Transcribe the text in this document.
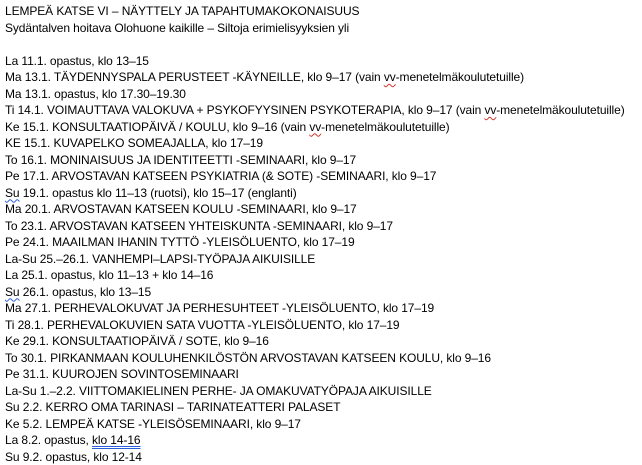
LEMPEÄ KATSE VI – NÄYTTELY JA TAPAHTUMAKOKONAISUUS
Sydäntalven hoitava Olohuone kaikille – Siltoja erimielisyyksien yli
La 11.1. opastus, klo 13–15
Ma 13.1. TÄYDENNYSPALA PERUSTEET -KÄYNEILLE, klo 9–17 (vain vv-menetelmäkoulutetuille)
Ma 13.1. opastus, klo 17.30–19.30
Ti 14.1. VOIMAUTTAVA VALOKUVA + PSYKOFYYSINEN PSYKOTERAPIA, klo 9–17 (vain vv-menetelmäkoulutetuille)
Ke 15.1. KONSULTAATIOPÄIVÄ / KOULU, klo 9–16 (vain vv-menetelmäkoulutetuille)
KE 15.1. KUVAPELKO SOMEAJALLA, klo 17–19
To 16.1. MONINAISUUS JA IDENTITEETTI -SEMINAARI, klo 9–17
Pe 17.1. ARVOSTAVAN KATSEEN PSYKIATRIA (& SOTE) -SEMINAARI, klo 9–17
Su 19.1. opastus klo 11–13 (ruotsi), klo 15–17 (englanti)
Ma 20.1. ARVOSTAVAN KATSEEN KOULU -SEMINAARI, klo 9–17
To 23.1. ARVOSTAVAN KATSEEN YHTEISKUNTA -SEMINAARI, klo 9–17
Pe 24.1. MAAILMAN IHANIN TYTTÖ -YLEISÖLUENTO, klo 17–19
La-Su 25.–26.1. VANHEMPI–LAPSI-TYÖPAJA AIKUISILLE
La 25.1. opastus, klo 11–13 + klo 14–16
Su 26.1. opastus, klo 13–15
Ma 27.1. PERHEVALOKUVAT JA PERHESUHTEET -YLEISÖLUENTO, klo 17–19
Ti 28.1. PERHEVALOKUVIEN SATA VUOTTA -YLEISÖLUENTO, klo 17–19
Ke 29.1. KONSULTAATIOPÄIVÄ / SOTE, klo 9–16
To 30.1. PIRKANMAAN KOULUHENKILÖSTÖN ARVOSTAVAN KATSEEN KOULU, klo 9–16
Pe 31.1. KUUROJEN SOVINTOSEMINAARI
La-Su 1.–2.2. VIITTOMAKIELINEN PERHE- JA OMAKUVATYÖPAJA AIKUISILLE
Su 2.2. KERRO OMA TARINASI – TARINATEATTERI PALASET
Ke 5.2. LEMPEÄ KATSE -YLEISÖSEMINAARI, klo 9–17
La 8.2. opastus, klo 14-16
Su 9.2. opastus, klo 12-14
